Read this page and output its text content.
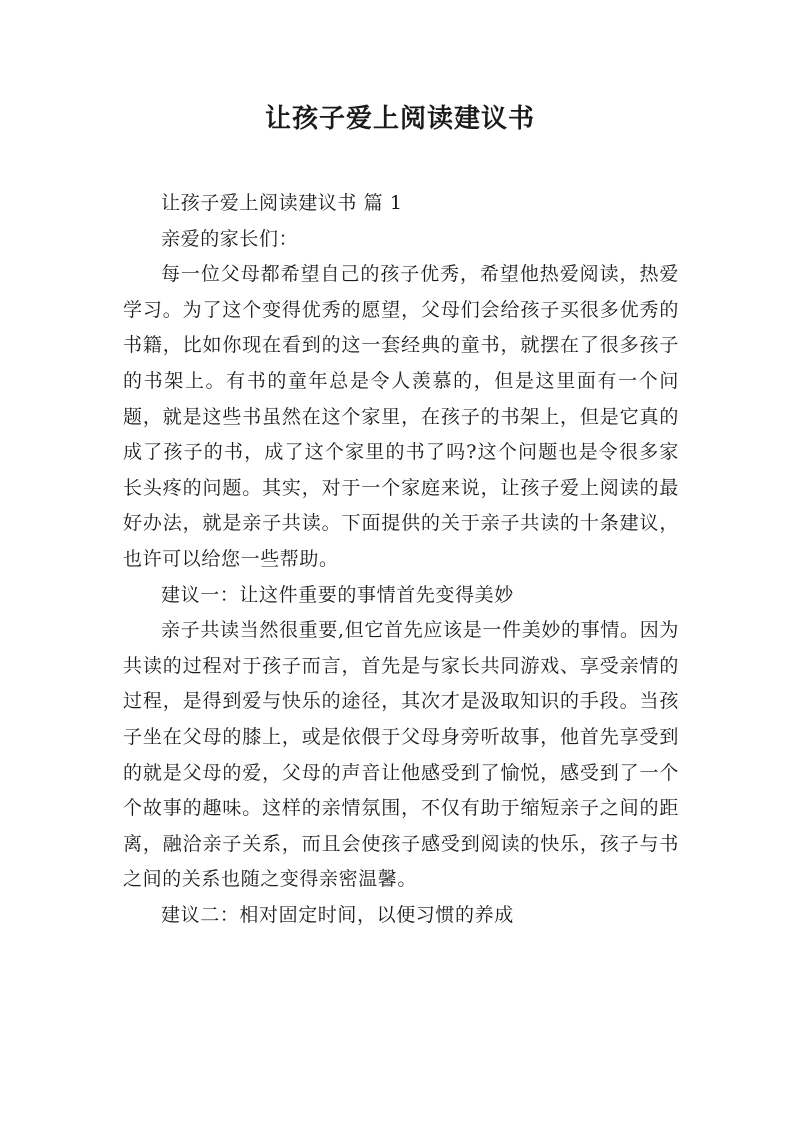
让孩子爱上阅读建议书

让孩子爱上阅读建议书 篇 1

亲爱的家长们：

每一位父母都希望自己的孩子优秀，希望他热爱阅读，热爱学习。为了这个变得优秀的愿望，父母们会给孩子买很多优秀的书籍，比如你现在看到的这一套经典的童书，就摆在了很多孩子的书架上。有书的童年总是令人羡慕的，但是这里面有一个问题，就是这些书虽然在这个家里，在孩子的书架上，但是它真的成了孩子的书，成了这个家里的书了吗?这个问题也是令很多家长头疼的问题。其实，对于一个家庭来说，让孩子爱上阅读的最好办法，就是亲子共读。下面提供的关于亲子共读的十条建议，也许可以给您一些帮助。

建议一：让这件重要的事情首先变得美妙

亲子共读当然很重要,但它首先应该是一件美妙的事情。因为共读的过程对于孩子而言，首先是与家长共同游戏、享受亲情的过程，是得到爱与快乐的途径，其次才是汲取知识的手段。当孩子坐在父母的膝上，或是依偎于父母身旁听故事，他首先享受到的就是父母的爱，父母的声音让他感受到了愉悦，感受到了一个个故事的趣味。这样的亲情氛围，不仅有助于缩短亲子之间的距离，融洽亲子关系，而且会使孩子感受到阅读的快乐，孩子与书之间的关系也随之变得亲密温馨。

建议二：相对固定时间，以便习惯的养成
